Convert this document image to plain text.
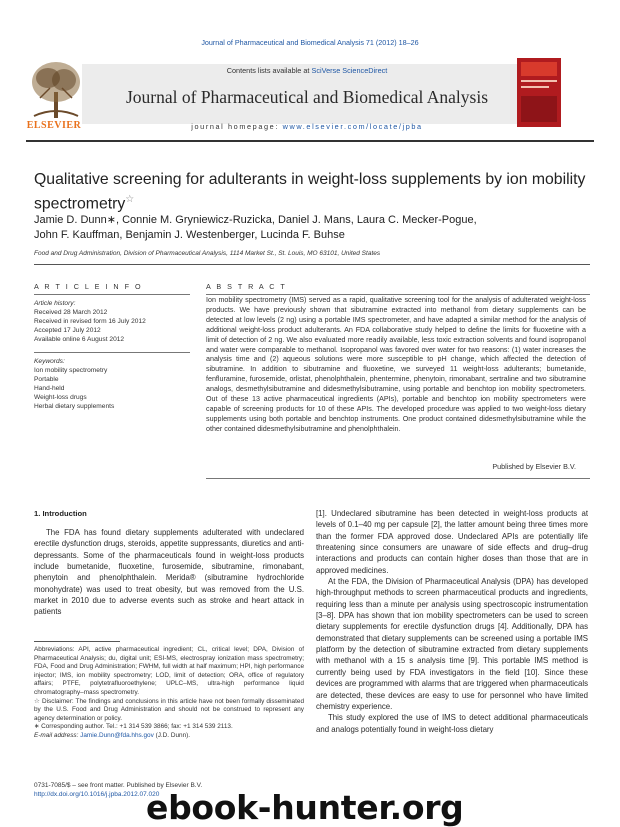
Journal of Pharmaceutical and Biomedical Analysis 71 (2012) 18–26
ELSEVIER
Contents lists available at SciVerse ScienceDirect
Journal of Pharmaceutical and Biomedical Analysis
journal homepage: www.elsevier.com/locate/jpba
Qualitative screening for adulterants in weight-loss supplements by ion mobility spectrometry☆
Jamie D. Dunn∗, Connie M. Gryniewicz-Ruzicka, Daniel J. Mans, Laura C. Mecker-Pogue,
John F. Kauffman, Benjamin J. Westenberger, Lucinda F. Buhse
Food and Drug Administration, Division of Pharmaceutical Analysis, 1114 Market St., St. Louis, MO 63101, United States
A R T I C L E I N F O
Article history:
Received 28 March 2012
Received in revised form 16 July 2012
Accepted 17 July 2012
Available online 6 August 2012
Keywords:
Ion mobility spectrometry
Portable
Hand-held
Weight-loss drugs
Herbal dietary supplements
A B S T R A C T
Ion mobility spectrometry (IMS) served as a rapid, qualitative screening tool for the analysis of adulterated weight-loss products. We have previously shown that sibutramine extracted into methanol from dietary supplements can be detected at low levels (2 ng) using a portable IMS spectrometer, and have adapted a similar method for the analysis of additional weight-loss product adulterants. An FDA collaborative study helped to define the limits for fluoxetine with a limit of detection of 2 ng. We also evaluated more readily available, less toxic extraction solvents and found isopropanol and water were comparable to methanol. Isopropanol was favored over water for two reasons: (1) water increases the analysis time and (2) aqueous solutions were more susceptible to pH change, which affected the detection of sibutramine. In addition to sibutramine and fluoxetine, we surveyed 11 weight-loss adulterants; bumetanide, fenfluramine, furosemide, orlistat, phenolphthalein, phentermine, phenytoin, rimonabant, sertraline and two sibutramine analogs, desmethylsibutramine and didesmethylsibutramine, using portable and benchtop ion mobility spectrometers. Out of these 13 active pharmaceutical ingredients (APIs), portable and benchtop ion mobility spectrometers were capable of screening products for 10 of these APIs. The developed procedure was applied to two weight-loss dietary supplements using both portable and benchtop instruments. One product contained didesmethylsibutramine while the other contained didesmethylsibutramine and phenolphthalein.
Published by Elsevier B.V.
1. Introduction
The FDA has found dietary supplements adulterated with undeclared erectile dysfunction drugs, steroids, appetite suppressants, diuretics and anti-depressants. Some of the pharmaceuticals found in weight-loss products include bumetanide, fluoxetine, furosemide, sibutramine, rimonabant, phenytoin and phenolphthalein. Merida® (sibutramine hydrochloride monohydrate) was used to treat obesity, but was removed from the U.S. market in 2010 due to adverse events such as stroke and heart attack in patients

[1]. Undeclared sibutramine has been detected in weight-loss products at levels of 0.1–40 mg per capsule [2], the latter amount being three times more than the former FDA approved dose. Undeclared APIs are potentially life threatening since consumers are unaware of side effects and drug–drug interactions and products can contain higher doses than those that are in approved medicines.

At the FDA, the Division of Pharmaceutical Analysis (DPA) has developed high-throughput methods to screen pharmaceutical products and ingredients, requiring less than a minute per analysis using spectroscopic instrumentation [3–8]. DPA has shown that ion mobility spectrometers can be used to screen dietary supplements for erectile dysfunction drugs [4]. Additionally, DPA has demonstrated that dietary supplements can be screened using a portable IMS platform by the detection of sibutramine extracted from dietary supplements with methanol with a 15 s analysis time [9]. This portable IMS method is currently being used by FDA investigators in the field [10]. Since these devices are programmed with alarms that are triggered when pharmaceuticals are detected, these devices are easy to use for personnel who have limited chemistry experience.

This study explored the use of IMS to detect additional pharmaceuticals and analogs potentially found in weight-loss dietary

Abbreviations: API, active pharmaceutical ingredient; CL, critical level; DPA, Division of Pharmaceutical Analysis; du, digital unit; ESI-MS, electrospray ionization mass spectrometry; FDA, Food and Drug Administration; FWHM, full width at half maximum; HPI, high performance injector; IMS, ion mobility spectrometry; LOD, limit of detection; ORA, office of regulatory affairs; PTFE, polytetrafluoroethylene; UPLC–MS, ultra-high performance liquid chromatography–mass spectrometry.

☆ Disclaimer: The findings and conclusions in this article have not been formally disseminated by the U.S. Food and Drug Administration and should not be construed to represent any agency determination or policy.

∗ Corresponding author. Tel.: +1 314 539 3866; fax: +1 314 539 2113.

E-mail address: Jamie.Dunn@fda.hhs.gov (J.D. Dunn).

0731-7085/$ – see front matter. Published by Elsevier B.V.
http://dx.doi.org/10.1016/j.jpba.2012.07.020
ebook-hunter.org
